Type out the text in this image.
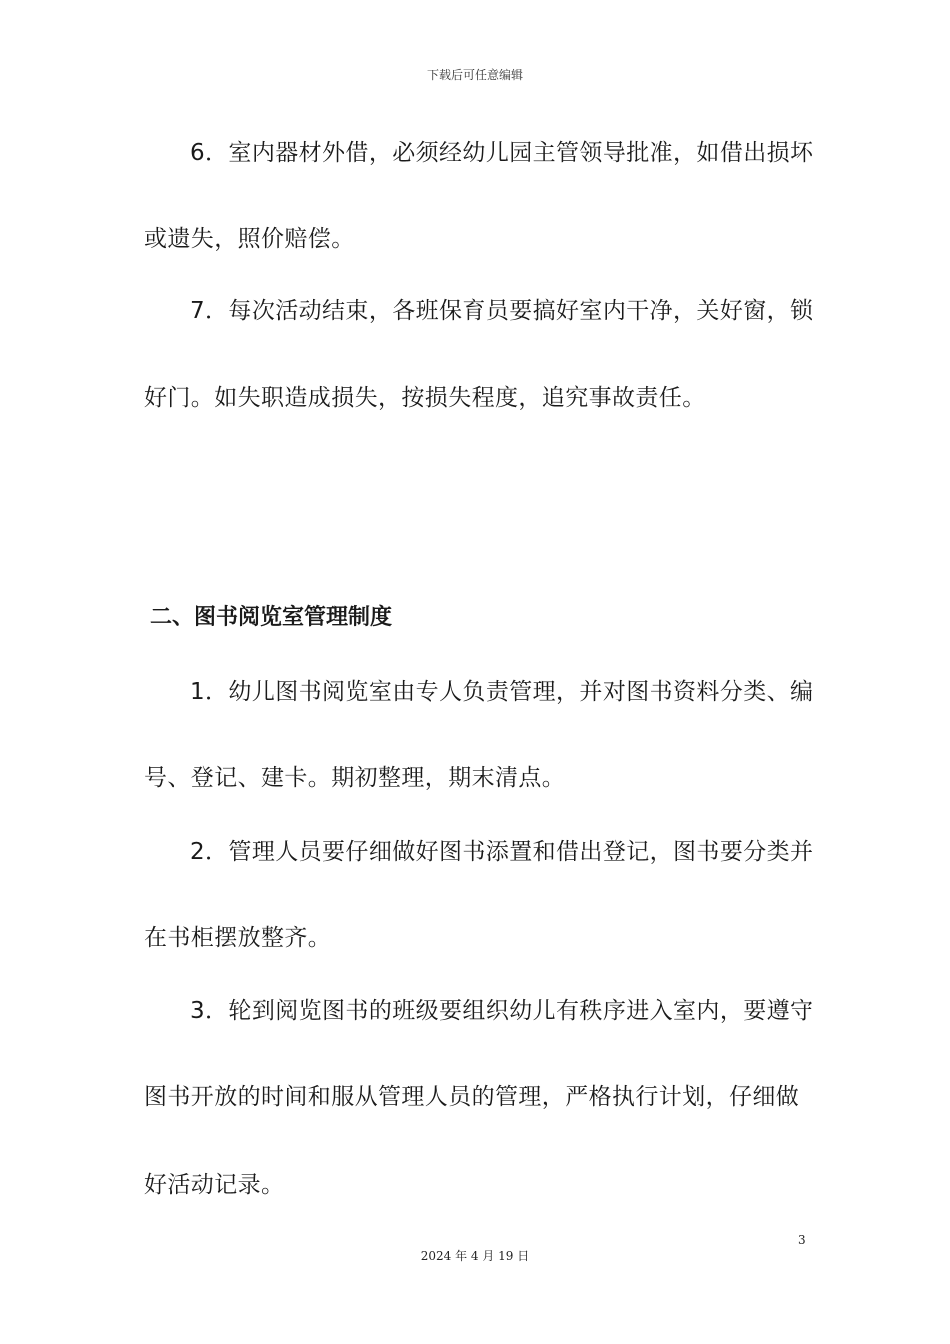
下载后可任意编辑
6．室内器材外借，必须经幼儿园主管领导批准，如借出损坏
或遗失，照价赔偿。
7．每次活动结束，各班保育员要搞好室内干净，关好窗，锁
好门。如失职造成损失，按损失程度，追究事故责任。
二、图书阅览室管理制度
1．幼儿图书阅览室由专人负责管理，并对图书资料分类、编
号、登记、建卡。期初整理，期末清点。
2．管理人员要仔细做好图书添置和借出登记，图书要分类并
在书柜摆放整齐。
3．轮到阅览图书的班级要组织幼儿有秩序进入室内，要遵守
图书开放的时间和服从管理人员的管理，严格执行计划，仔细做
好活动记录。
3
2024 年 4 月 19 日
